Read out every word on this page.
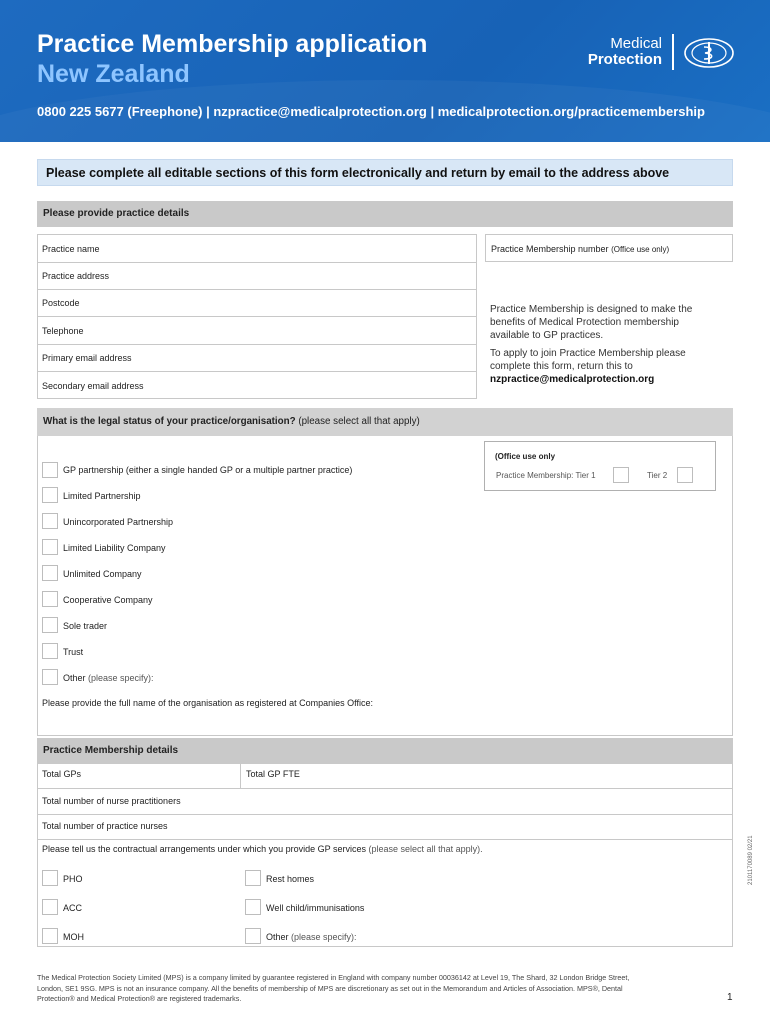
Practice Membership application
New Zealand
0800 225 5677 (Freephone) | nzpractice@medicalprotection.org | medicalprotection.org/practicemembership
Medical
Protection
Please complete all editable sections of this form electronically and return by email to the address above
Please provide practice details
Practice name
Practice address
Postcode
Telephone
Primary email address
Secondary email address
Practice Membership number (Office use only)
Practice Membership is designed to make the benefits of Medical Protection membership available to GP practices.
To apply to join Practice Membership please complete this form, return this to nzpractice@medicalprotection.org
What is the legal status of your practice/organisation? (please select all that apply)
(Office use only
Practice Membership: Tier 1	Tier 2
GP partnership (either a single handed GP or a multiple partner practice)
Limited Partnership
Unincorporated Partnership
Limited Liability Company
Unlimited Company
Cooperative Company
Sole trader
Trust
Other (please specify):
Please provide the full name of the organisation as registered at Companies Office:
Practice Membership details
Total GPs	Total GP FTE
Total number of nurse practitioners
Total number of practice nurses
Please tell us the contractual arrangements under which you provide GP services (please select all that apply).
PHO
ACC
MOH
Rest homes
Well child/immunisations
Other (please specify):
The Medical Protection Society Limited (MPS) is a company limited by guarantee registered in England with company number 00036142 at Level 19, The Shard, 32 London Bridge Street, London, SE1 9SG. MPS is not an insurance company. All the benefits of membership of MPS are discretionary as set out in the Memorandum and Articles of Association. MPS®, Dental Protection® and Medical Protection® are registered trademarks.	1
2101170089 02/21
